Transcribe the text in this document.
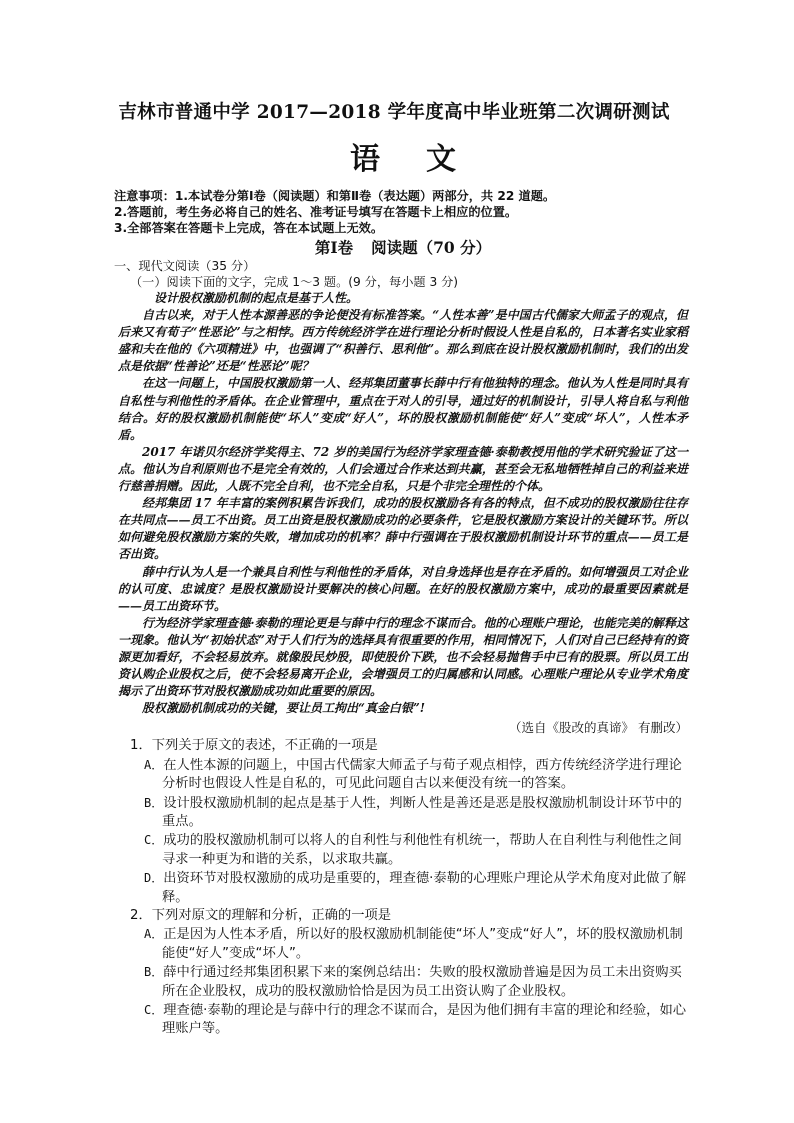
吉林市普通中学 2017—2018 学年度高中毕业班第二次调研测试
语 文
注意事项：1.本试卷分第Ⅰ卷（阅读题）和第Ⅱ卷（表达题）两部分，共 22 道题。
2.答题前，考生务必将自己的姓名、准考证号填写在答题卡上相应的位置。
3.全部答案在答题卡上完成，答在本试题上无效。
第Ⅰ卷 阅读题（70 分）
一、现代文阅读（35 分）
（一）阅读下面的文字，完成 1～3 题。(9 分，每小题 3 分)

设计股权激励机制的起点是基于人性。

自古以来，对于人性本源善恶的争论便没有标准答案。“人性本善”是中国古代儒家大师孟子的观点，但后来又有荀子“性恶论”与之相悖。西方传统经济学在进行理论分析时假设人性是自私的，日本著名实业家稻盛和夫在他的《六项精进》中，也强调了“积善行、思利他”。那么到底在设计股权激励机制时，我们的出发点是依据“性善论”还是“性恶论”呢？

在这一问题上，中国股权激励第一人、经邦集团董事长薛中行有他独特的理念。他认为人性是同时具有自私性与利他性的矛盾体。在企业管理中，重点在于对人的引导，通过好的机制设计，引导人将自私与利他结合。好的股权激励机制能使“坏人”变成“好人”，坏的股权激励机制能使“好人”变成“坏人”，人性本矛盾。

2017 年诺贝尔经济学奖得主、72 岁的美国行为经济学家理查德·泰勒教授用他的学术研究验证了这一点。他认为自利原则也不是完全有效的，人们会通过合作来达到共赢，甚至会无私地牺牲掉自己的利益来进行慈善捐赠。因此，人既不完全自利，也不完全自私，只是个非完全理性的个体。

经邦集团 17 年丰富的案例积累告诉我们，成功的股权激励各有各的特点，但不成功的股权激励往往存在共同点——员工不出资。员工出资是股权激励成功的必要条件，它是股权激励方案设计的关键环节。所以如何避免股权激励方案的失败，增加成功的机率？薛中行强调在于股权激励机制设计环节的重点——员工是否出资。

薛中行认为人是一个兼具自利性与利他性的矛盾体，对自身选择也是存在矛盾的。如何增强员工对企业的认可度、忠诚度？是股权激励设计要解决的核心问题。在好的股权激励方案中，成功的最重要因素就是——员工出资环节。

行为经济学家理查德·泰勒的理论更是与薛中行的理念不谋而合。他的心理账户理论，也能完美的解释这一现象。他认为“初始状态”对于人们行为的选择具有很重要的作用，相同情况下，人们对自己已经持有的资源更加看好，不会轻易放弃。就像股民炒股，即使股价下跌，也不会轻易抛售手中已有的股票。所以员工出资认购企业股权之后，使不会轻易离开企业，会增强员工的归属感和认同感。心理账户理论从专业学术角度揭示了出资环节对股权激励成功如此重要的原因。

股权激励机制成功的关键，要让员工拘出“真金白银”!

（选自《股改的真谛》 有删改）
1．下列关于原文的表述，不正确的一项是
A．在人性本源的问题上，中国古代儒家大师孟子与荀子观点相悖，西方传统经济学进行理论分析时也假设人性是自私的，可见此问题自古以来便没有统一的答案。
B．设计股权激励机制的起点是基于人性，判断人性是善还是恶是股权激励机制设计环节中的重点。
C．成功的股权激励机制可以将人的自利性与利他性有机统一，帮助人在自利性与利他性之间寻求一种更为和谐的关系，以求取共赢。
D．出资环节对股权激励的成功是重要的，理查德·泰勒的心理账户理论从学术角度对此做了解释。
2．下列对原文的理解和分析，正确的一项是
A．正是因为人性本矛盾，所以好的股权激励机制能使“坏人”变成“好人”，坏的股权激励机制能使“好人”变成“坏人”。
B．薛中行通过经邦集团积累下来的案例总结出：失败的股权激励普遍是因为员工未出资购买所在企业股权，成功的股权激励恰恰是因为员工出资认购了企业股权。
C．理查德·泰勒的理论是与薛中行的理念不谋而合，是因为他们拥有丰富的理论和经验，如心理账户等。
